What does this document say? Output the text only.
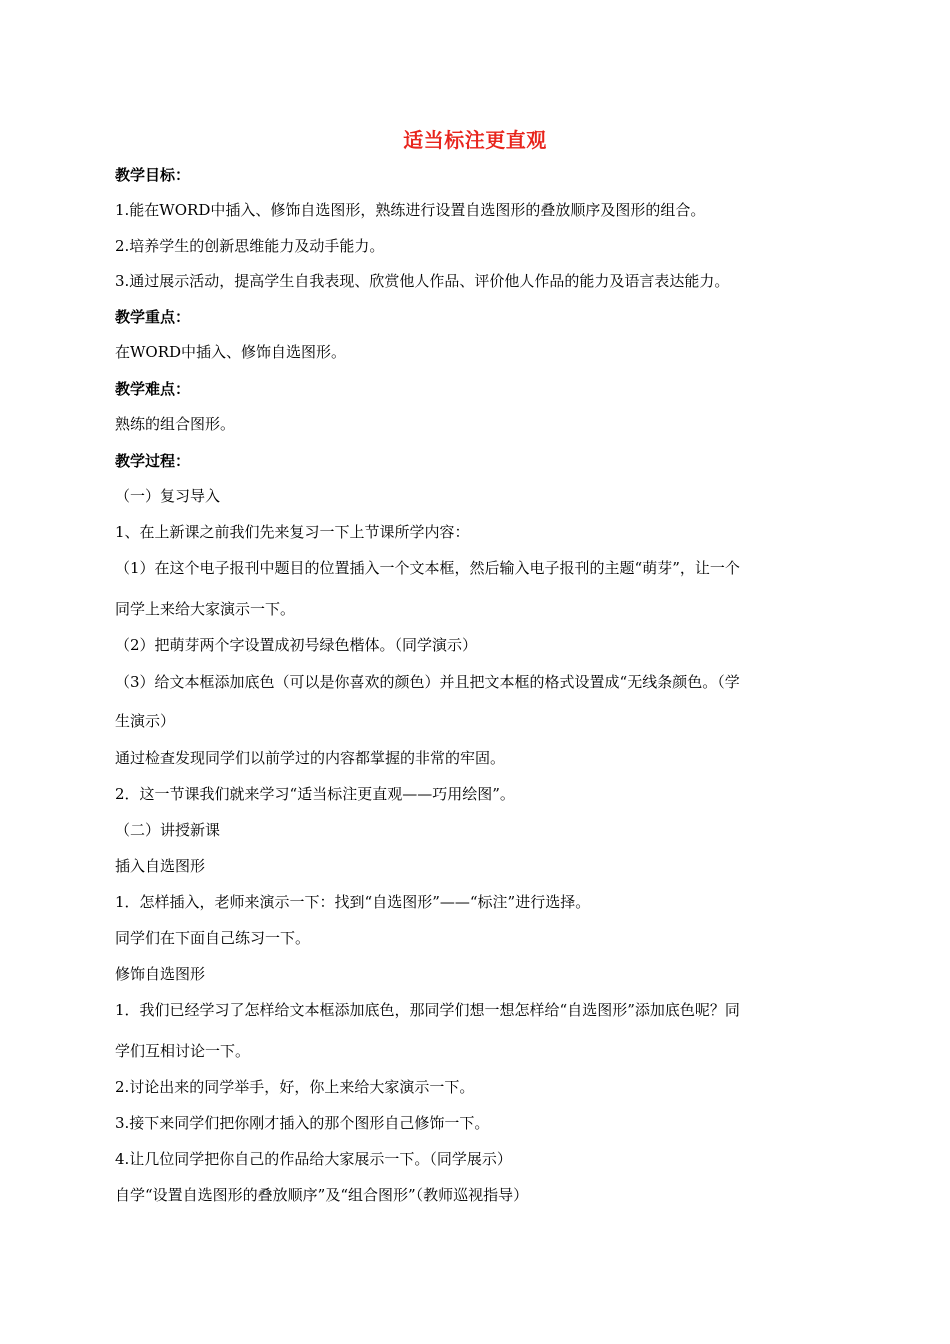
适当标注更直观
教学目标：
1.能在WORD中插入、修饰自选图形，熟练进行设置自选图形的叠放顺序及图形的组合。
2.培养学生的创新思维能力及动手能力。
3.通过展示活动，提高学生自我表现、欣赏他人作品、评价他人作品的能力及语言表达能力。
教学重点：
在WORD中插入、修饰自选图形。
教学难点：
熟练的组合图形。
教学过程：
（一）复习导入
1、在上新课之前我们先来复习一下上节课所学内容：
（1）在这个电子报刊中题目的位置插入一个文本框，然后输入电子报刊的主题“萌芽”，让一个
同学上来给大家演示一下。
（2）把萌芽两个字设置成初号绿色楷体。（同学演示）
（3）给文本框添加底色（可以是你喜欢的颜色）并且把文本框的格式设置成“无线条颜色。（学
生演示）
通过检查发现同学们以前学过的内容都掌握的非常的牢固。
2．这一节课我们就来学习“适当标注更直观——巧用绘图”。
（二）讲授新课
插入自选图形
1．怎样插入，老师来演示一下：找到“自选图形”——“标注”进行选择。
同学们在下面自己练习一下。
修饰自选图形
1．我们已经学习了怎样给文本框添加底色，那同学们想一想怎样给“自选图形”添加底色呢？同
学们互相讨论一下。
2.讨论出来的同学举手，好，你上来给大家演示一下。
3.接下来同学们把你刚才插入的那个图形自己修饰一下。
4.让几位同学把你自己的作品给大家展示一下。（同学展示）
自学“设置自选图形的叠放顺序”及“组合图形”（教师巡视指导）
